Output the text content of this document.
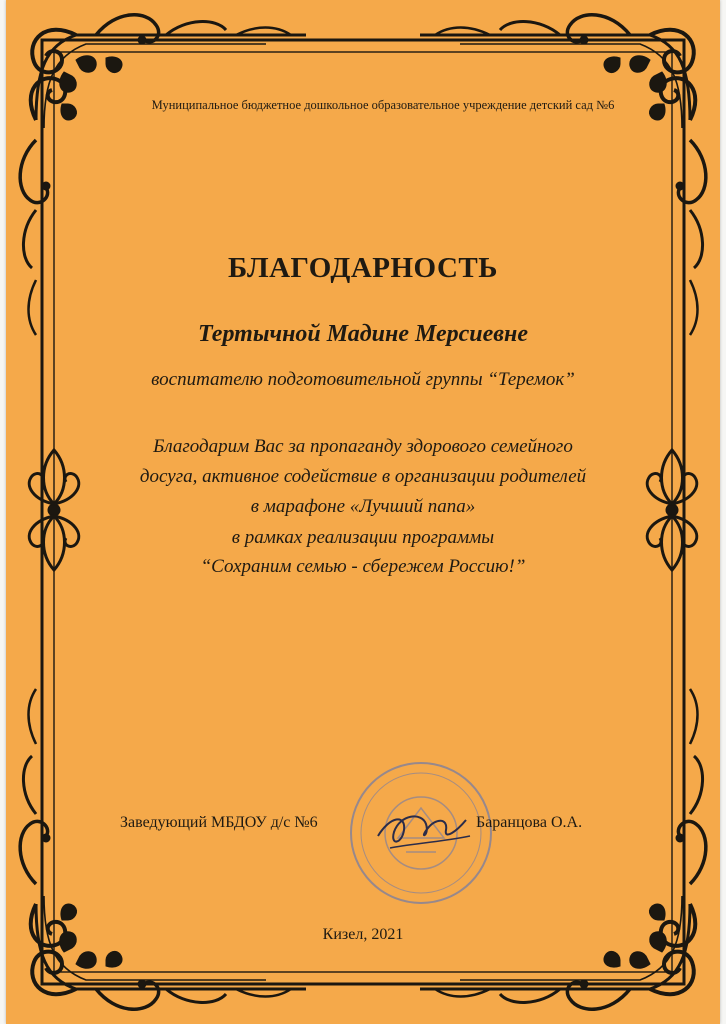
Муниципальное бюджетное дошкольное образовательное учреждение детский сад №6
БЛАГОДАРНОСТЬ
Тертычной Мадине Мерсиевне
воспитателю подготовительной группы “Теремок”
Благодарим Вас за пропаганду здорового семейного
досуга, активное содействие в организации родителей
в марафоне «Лучший папа»
в рамках реализации программы
“Сохраним семью - сбережем Россию!”
Заведующий МБДОУ д/с №6	Баранцова О.А.
Кизел, 2021
